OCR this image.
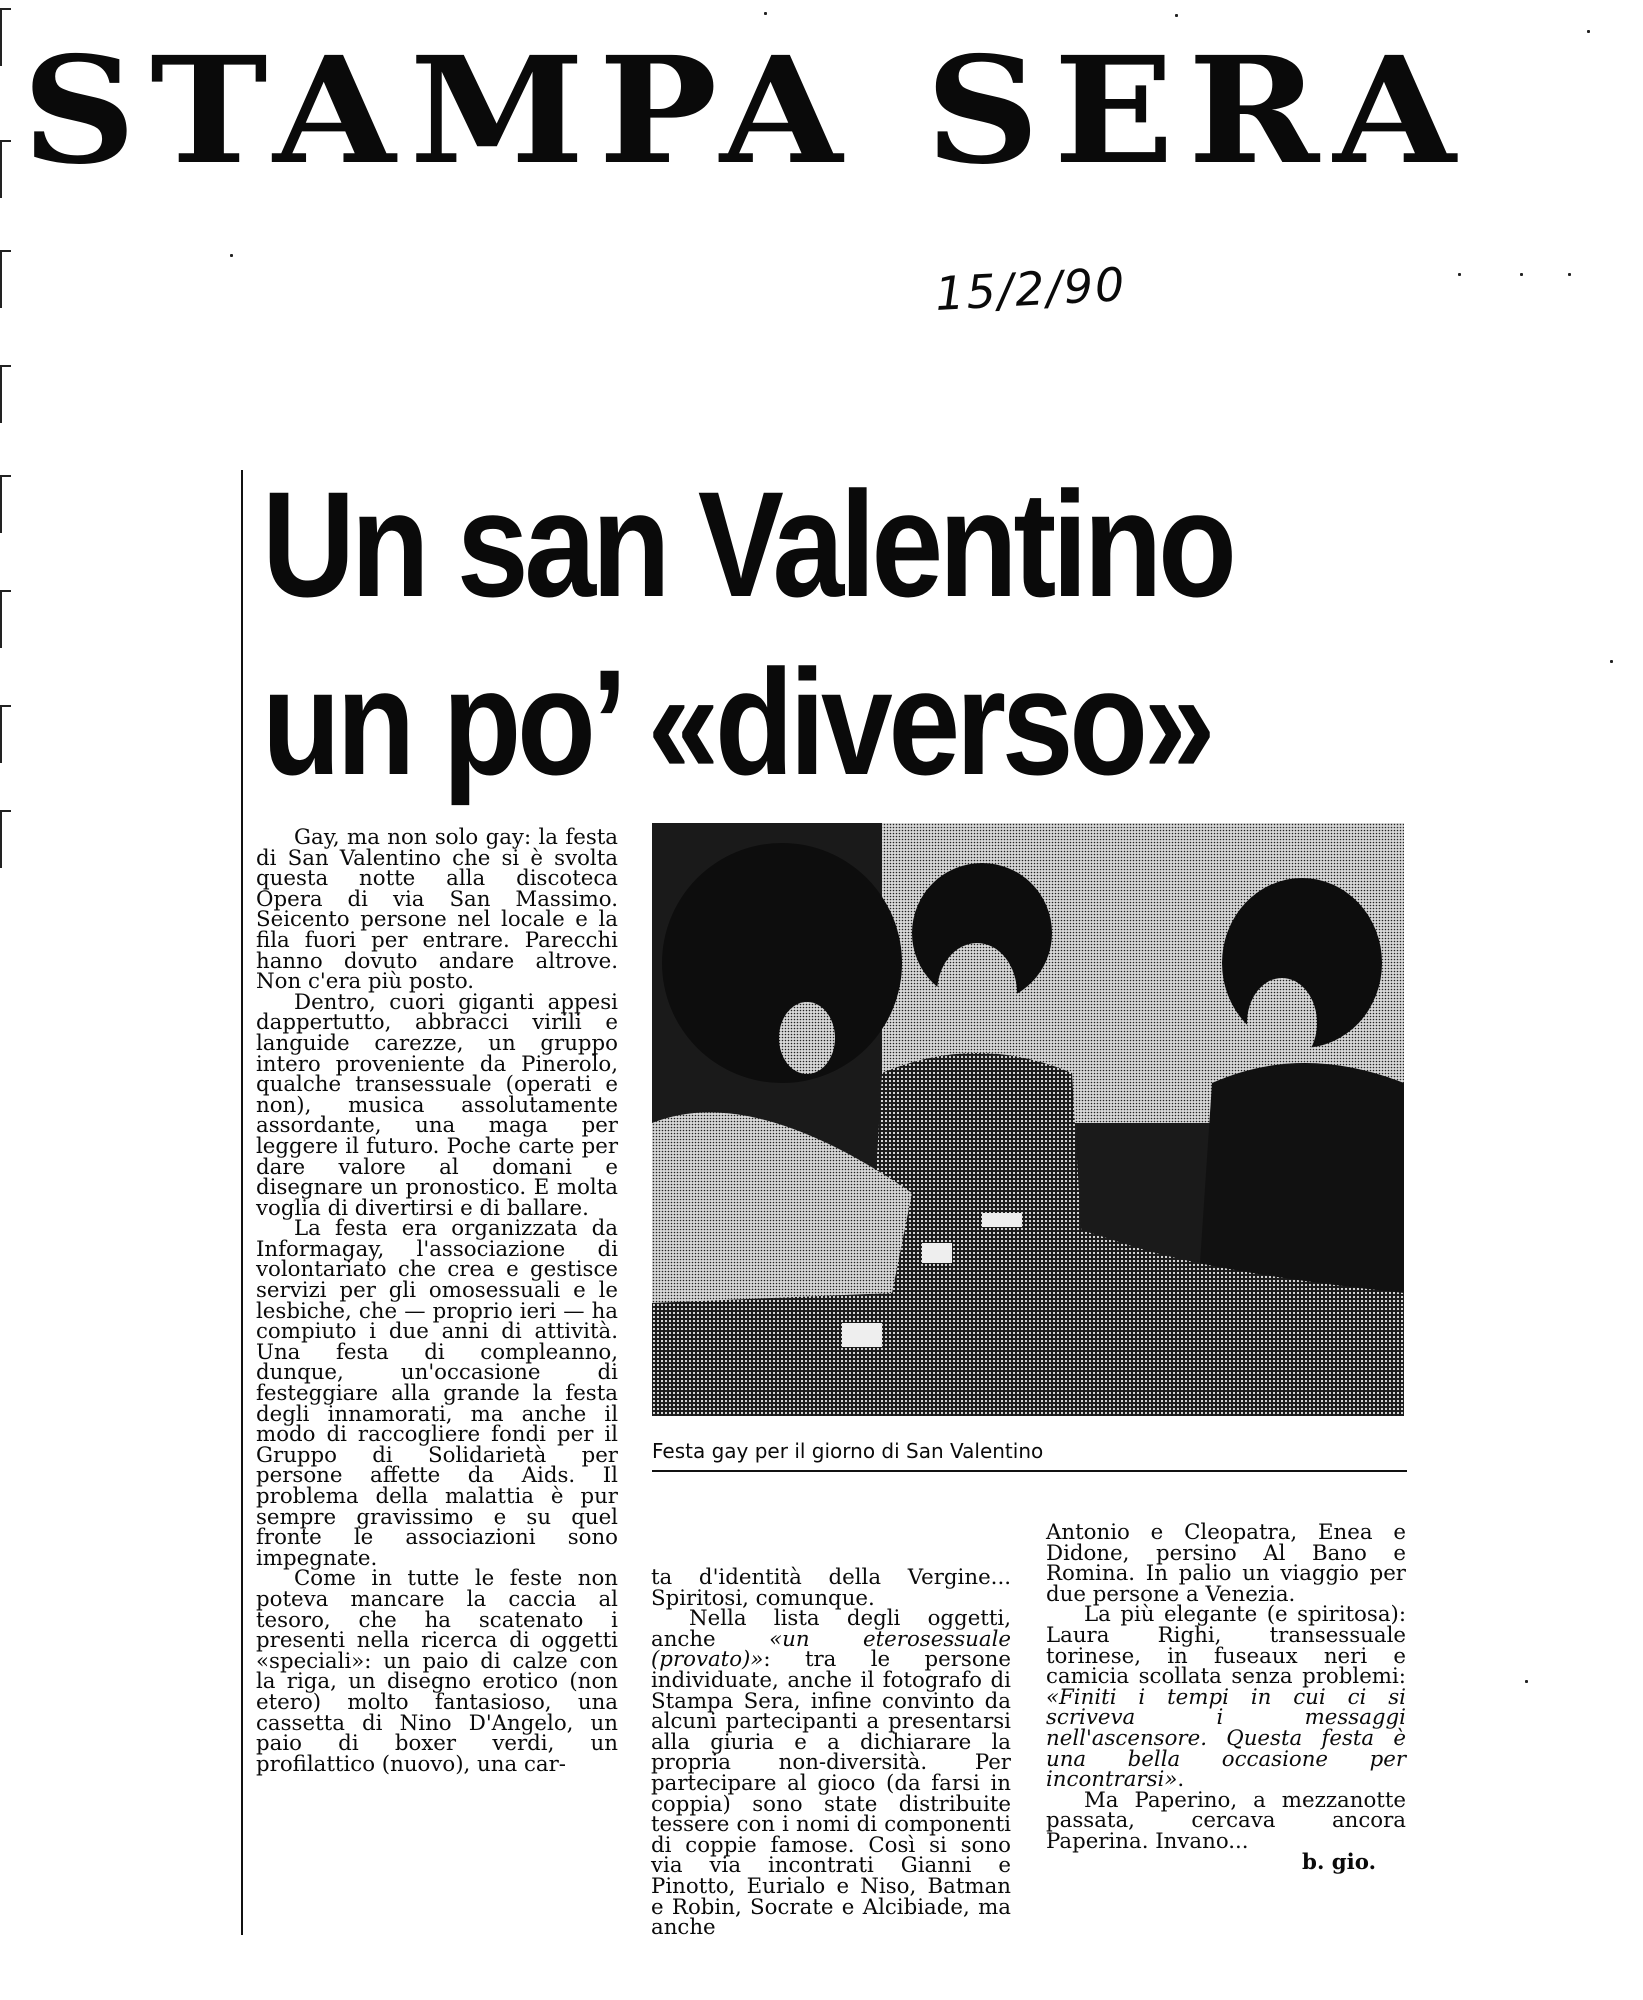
STAMPA SERA
15/2/90
Un san Valentino
un po’ «diverso»

Gay, ma non solo gay: la festa di San Valentino che si è svolta questa notte alla discoteca Opera di via San Massimo. Seicento persone nel locale e la fila fuori per entrare. Parecchi hanno dovuto andare altrove. Non c'era più posto.

Dentro, cuori giganti appesi dappertutto, abbracci virili e languide carezze, un gruppo intero proveniente da Pinerolo, qualche transessuale (operati e non), musica assolutamente assordante, una maga per leggere il futuro. Poche carte per dare valore al domani e disegnare un pronostico. E molta voglia di divertirsi e di ballare.

La festa era organizzata da Informagay, l'associazione di volontariato che crea e gestisce servizi per gli omosessuali e le lesbiche, che — proprio ieri — ha compiuto i due anni di attività. Una festa di compleanno, dunque, un'occasione di festeggiare alla grande la festa degli innamorati, ma anche il modo di raccogliere fondi per il Gruppo di Solidarietà per persone affette da Aids. Il problema della malattia è pur sempre gravissimo e su quel fronte le associazioni sono impegnate.

Come in tutte le feste non poteva mancare la caccia al tesoro, che ha scatenato i presenti nella ricerca di oggetti «speciali»: un paio di calze con la riga, un disegno erotico (non etero) molto fantasioso, una cassetta di Nino D'Angelo, un paio di boxer verdi, un profilattico (nuovo), una car-

Festa gay per il giorno di San Valentino

ta d'identità della Vergine... Spiritosi, comunque.

Nella lista degli oggetti, anche «un eterosessuale (provato)»: tra le persone individuate, anche il fotografo di Stampa Sera, infine convinto da alcuni partecipanti a presentarsi alla giuria e a dichiarare la propria non-diversità. Per partecipare al gioco (da farsi in coppia) sono state distribuite tessere con i nomi di componenti di coppie famose. Così si sono via via incontrati Gianni e Pinotto, Eurialo e Niso, Batman e Robin, Socrate e Alcibiade, ma anche

Antonio e Cleopatra, Enea e Didone, persino Al Bano e Romina. In palio un viaggio per due persone a Venezia.

La più elegante (e spiritosa): Laura Righi, transessuale torinese, in fuseaux neri e camicia scollata senza problemi: «Finiti i tempi in cui ci si scriveva i messaggi nell'ascensore. Questa festa è una bella occasione per incontrarsi».

Ma Paperino, a mezzanotte passata, cercava ancora Paperina. Invano...

b. gio.
